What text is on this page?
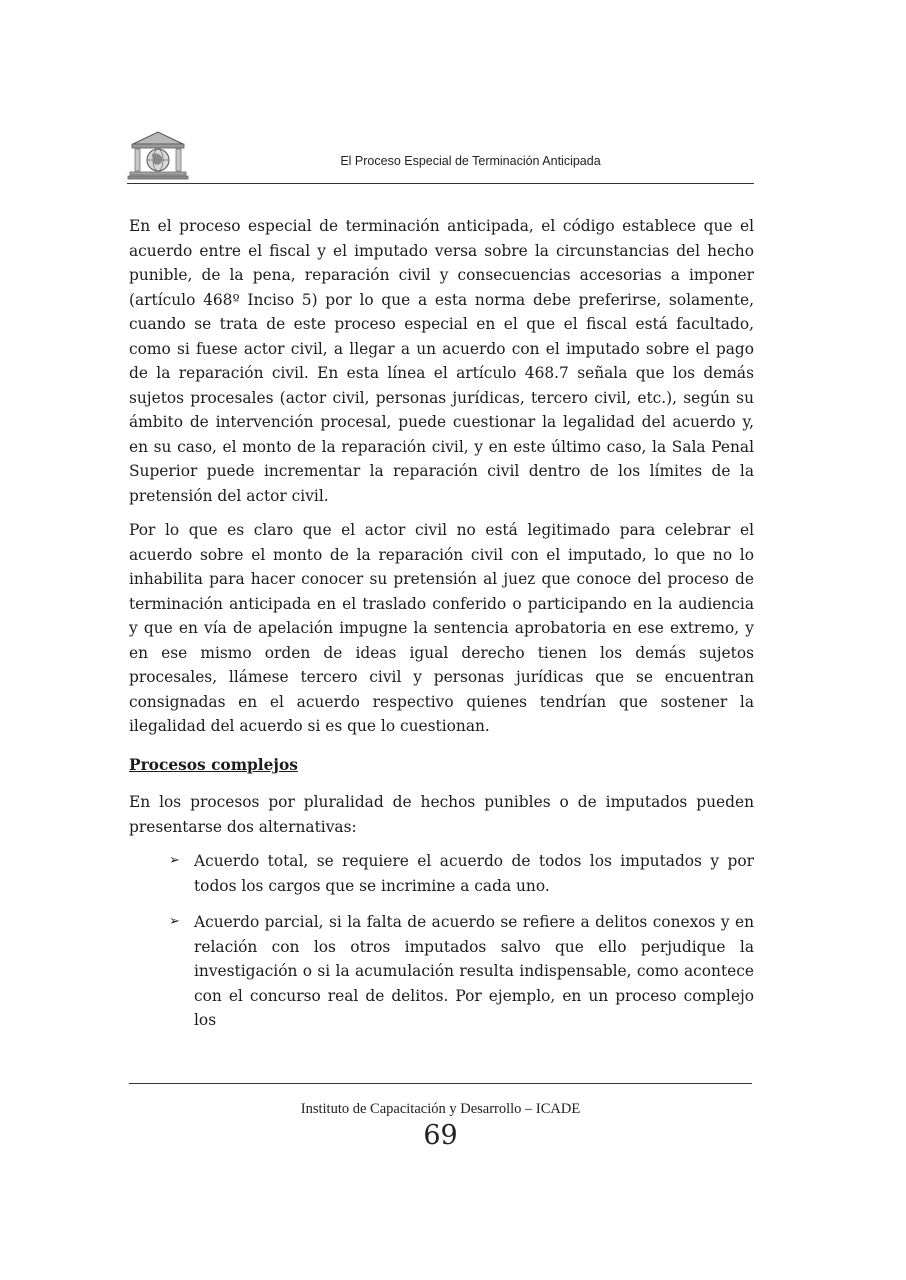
El Proceso Especial de Terminación Anticipada

En el proceso especial de terminación anticipada, el código establece que el acuerdo entre el fiscal y el imputado versa sobre la circunstancias del hecho punible, de la pena, reparación civil y consecuencias accesorias a imponer (artículo 468º Inciso 5) por lo que a esta norma debe preferirse, solamente, cuando se trata de este proceso especial en el que el fiscal está facultado, como si fuese actor civil, a llegar a un acuerdo con el imputado sobre el pago de la reparación civil. En esta línea el artículo 468.7 señala que los demás sujetos procesales (actor civil, personas jurídicas, tercero civil, etc.), según su ámbito de intervención procesal, puede cuestionar la legalidad del acuerdo y, en su caso, el monto de la reparación civil, y en este último caso, la Sala Penal Superior puede incrementar la reparación civil dentro de los límites de la pretensión del actor civil.

Por lo que es claro que el actor civil no está legitimado para celebrar el acuerdo sobre el monto de la reparación civil con el imputado, lo que no lo inhabilita para hacer conocer su pretensión al juez que conoce del proceso de terminación anticipada en el traslado conferido o participando en la audiencia y que en vía de apelación impugne la sentencia aprobatoria en ese extremo, y en ese mismo orden de ideas igual derecho tienen los demás sujetos procesales, llámese tercero civil y personas jurídicas que se encuentran consignadas en el acuerdo respectivo quienes tendrían que sostener la ilegalidad del acuerdo si es que lo cuestionan.

Procesos complejos

En los procesos por pluralidad de hechos punibles o de imputados pueden presentarse dos alternativas:

➢ Acuerdo total, se requiere el acuerdo de todos los imputados y por todos los cargos que se incrimine a cada uno.
➢ Acuerdo parcial, si la falta de acuerdo se refiere a delitos conexos y en relación con los otros imputados salvo que ello perjudique la investigación o si la acumulación resulta indispensable, como acontece con el concurso real de delitos. Por ejemplo, en un proceso complejo los
Instituto de Capacitación y Desarrollo – ICADE
69
